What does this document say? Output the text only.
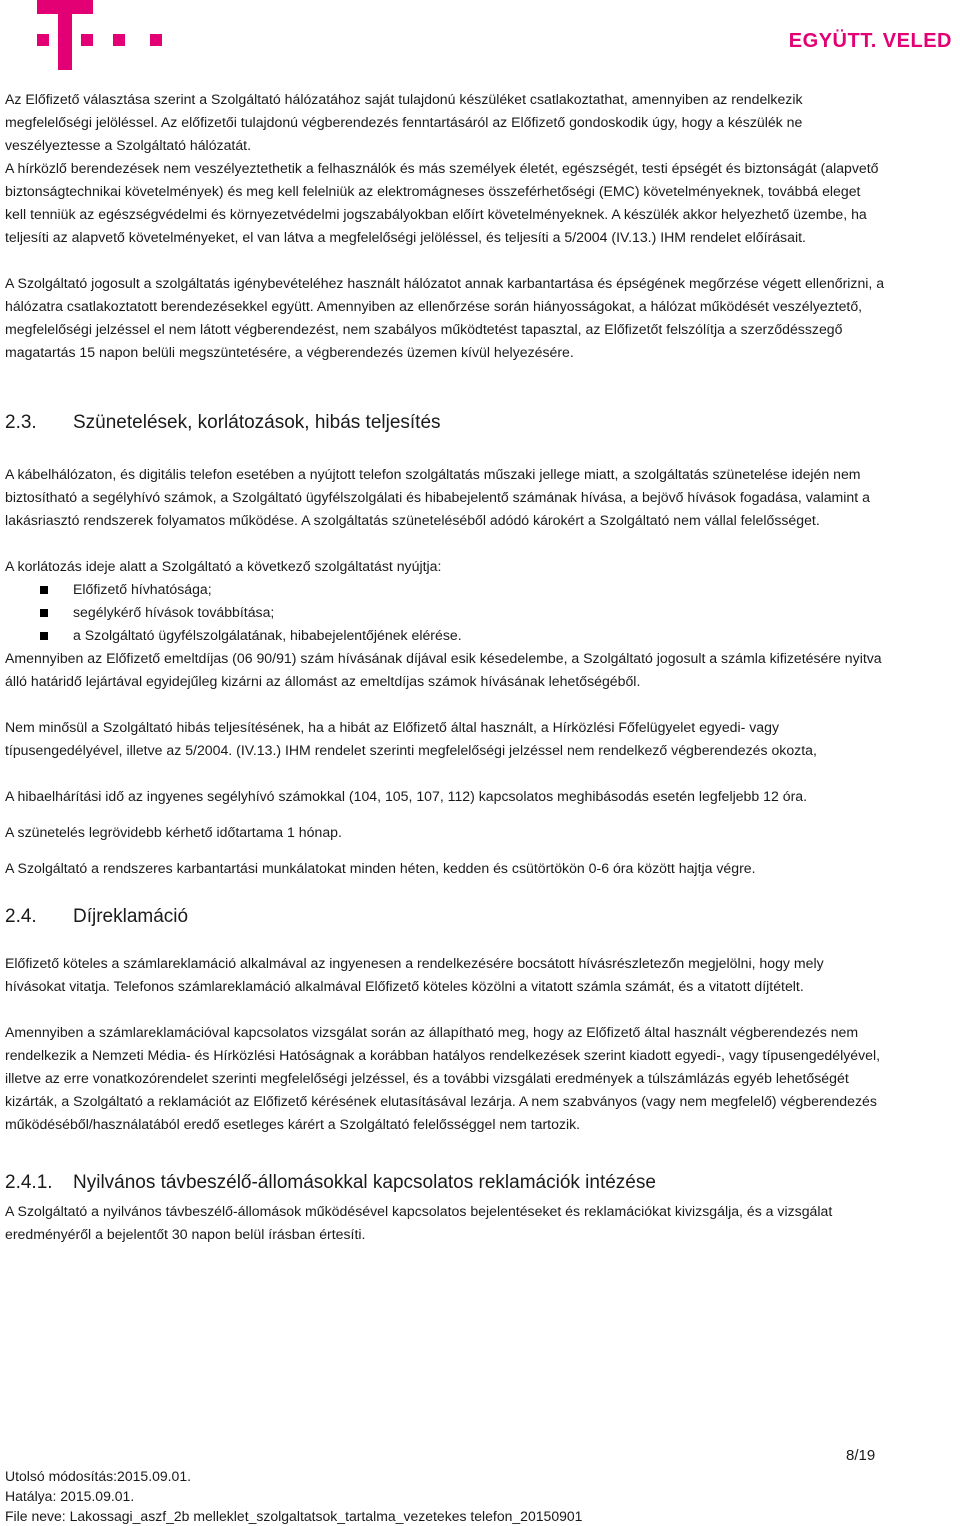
EGYÜTT. VELED

Az Előfizető választása szerint a Szolgáltató hálózatához saját tulajdonú készüléket csatlakoztathat, amennyiben az rendelkezik megfelelőségi jelöléssel. Az előfizetői tulajdonú végberendezés fenntartásáról az Előfizető gondoskodik úgy, hogy a készülék ne veszélyeztesse a Szolgáltató hálózatát.

A hírközlő berendezések nem veszélyeztethetik a felhasználók és más személyek életét, egészségét, testi épségét és biztonságát (alapvető biztonságtechnikai követelmények) és meg kell felelniük az elektromágneses összeférhetőségi (EMC) követelményeknek, továbbá eleget kell tenniük az egészségvédelmi és környezetvédelmi jogszabályokban előírt követelményeknek. A készülék akkor helyezhető üzembe, ha teljesíti az alapvető követelményeket, el van látva a megfelelőségi jelöléssel, és teljesíti a 5/2004 (IV.13.) IHM rendelet előírásait.

A Szolgáltató jogosult a szolgáltatás igénybevételéhez használt hálózatot annak karbantartása és épségének megőrzése végett ellenőrizni, a hálózatra csatlakoztatott berendezésekkel együtt. Amennyiben az ellenőrzése során hiányosságokat, a hálózat működését veszélyeztető, megfelelőségi jelzéssel el nem látott végberendezést, nem szabályos működtetést tapasztal, az Előfizetőt felszólítja a szerződésszegő magatartás 15 napon belüli megszüntetésére, a végberendezés üzemen kívül helyezésére.

2.3.	Szünetelések, korlátozások, hibás teljesítés

A kábelhálózaton, és digitális telefon esetében a nyújtott telefon szolgáltatás műszaki jellege miatt, a szolgáltatás szünetelése idején nem biztosítható a segélyhívó számok, a Szolgáltató ügyfélszolgálati és hibabejelentő számának hívása, a bejövő hívások fogadása, valamint a lakásriasztó rendszerek folyamatos működése. A szolgáltatás szüneteléséből adódó károkért a Szolgáltató nem vállal felelősséget.

A korlátozás ideje alatt a Szolgáltató a következő szolgáltatást nyújtja:

Előfizető hívhatósága;
segélykérő hívások továbbítása;
a Szolgáltató ügyfélszolgálatának, hibabejelentőjének elérése.

Amennyiben az Előfizető emeltdíjas (06 90/91) szám hívásának díjával esik késedelembe, a Szolgáltató jogosult a számla kifizetésére nyitva álló határidő lejártával egyidejűleg kizárni az állomást az emeltdíjas számok hívásának lehetőségéből.

Nem minősül a Szolgáltató hibás teljesítésének, ha a hibát az Előfizető által használt, a Hírközlési Főfelügyelet egyedi- vagy típusengedélyével, illetve az 5/2004. (IV.13.) IHM rendelet szerinti megfelelőségi jelzéssel nem rendelkező végberendezés okozta,

A hibaelhárítási idő az ingyenes segélyhívó számokkal (104, 105, 107, 112) kapcsolatos meghibásodás esetén legfeljebb 12 óra.

A szünetelés legrövidebb kérhető időtartama 1 hónap.

A Szolgáltató a rendszeres karbantartási munkálatokat minden héten, kedden és csütörtökön 0-6 óra között hajtja végre.

2.4.	Díjreklamáció

Előfizető köteles a számlareklamáció alkalmával az ingyenesen a rendelkezésére bocsátott hívásrészletezőn megjelölni, hogy mely hívásokat vitatja. Telefonos számlareklamáció alkalmával Előfizető köteles közölni a vitatott számla számát, és a vitatott díjtételt.

Amennyiben a számlareklamációval kapcsolatos vizsgálat során az állapítható meg, hogy az Előfizető által használt végberendezés nem rendelkezik a Nemzeti Média- és Hírközlési Hatóságnak a korábban hatályos rendelkezések szerint kiadott egyedi-, vagy típusengedélyével, illetve az erre vonatkozórendelet szerinti megfelelőségi jelzéssel, és a további vizsgálati eredmények a túlszámlázás egyéb lehetőségét kizárták, a Szolgáltató a reklamációt az Előfizető kérésének elutasításával lezárja. A nem szabványos (vagy nem megfelelő) végberendezés működéséből/használatából eredő esetleges kárért a Szolgáltató felelősséggel nem tartozik.

2.4.1.	Nyilvános távbeszélő-állomásokkal kapcsolatos reklamációk intézése

A Szolgáltató a nyilvános távbeszélő-állomások működésével kapcsolatos bejelentéseket és reklamációkat kivizsgálja, és a vizsgálat eredményéről a bejelentőt 30 napon belül írásban értesíti.

8/19
Utolsó módosítás:2015.09.01.
Hatálya: 2015.09.01.
File neve: Lakossagi_aszf_2b melleklet_szolgaltatsok_tartalma_vezetekes telefon_20150901
